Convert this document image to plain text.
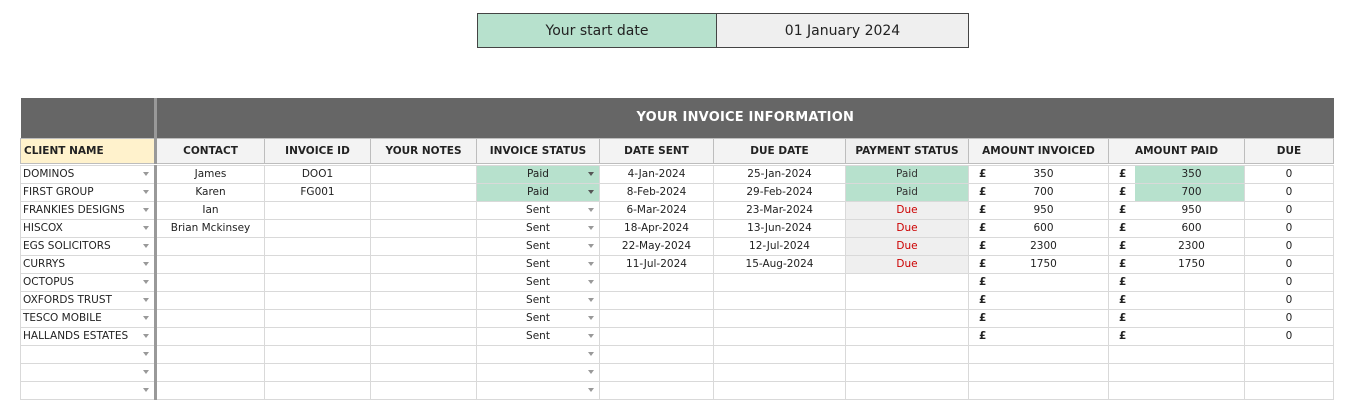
Your start date	01 January 2024
	YOUR INVOICE INFORMATION									
CLIENT NAME	CONTACT	INVOICE ID	YOUR NOTES	INVOICE STATUS	DATE SENT	DUE DATE	PAYMENT STATUS	AMOUNT INVOICED	AMOUNT PAID	DUE

DOMINOS	James	DOO1		Paid	4-Jan-2024	25-Jan-2024	Paid	£ 350	£ 350	0
FIRST GROUP	Karen	FG001		Paid	8-Feb-2024	29-Feb-2024	Paid	£ 700	£ 700	0
FRANKIES DESIGNS	Ian			Sent	6-Mar-2024	23-Mar-2024	Due	£ 950	£ 950	0
HISCOX	Brian Mckinsey			Sent	18-Apr-2024	13-Jun-2024	Due	£ 600	£ 600	0
EGS SOLICITORS				Sent	22-May-2024	12-Jul-2024	Due	£ 2300	£ 2300	0
CURRYS				Sent	11-Jul-2024	15-Aug-2024	Due	£ 1750	£ 1750	0
OCTOPUS				Sent				£	£	0
OXFORDS TRUST				Sent				£	£	0
TESCO MOBILE				Sent				£	£	0
HALLANDS ESTATES				Sent				£	£	0
